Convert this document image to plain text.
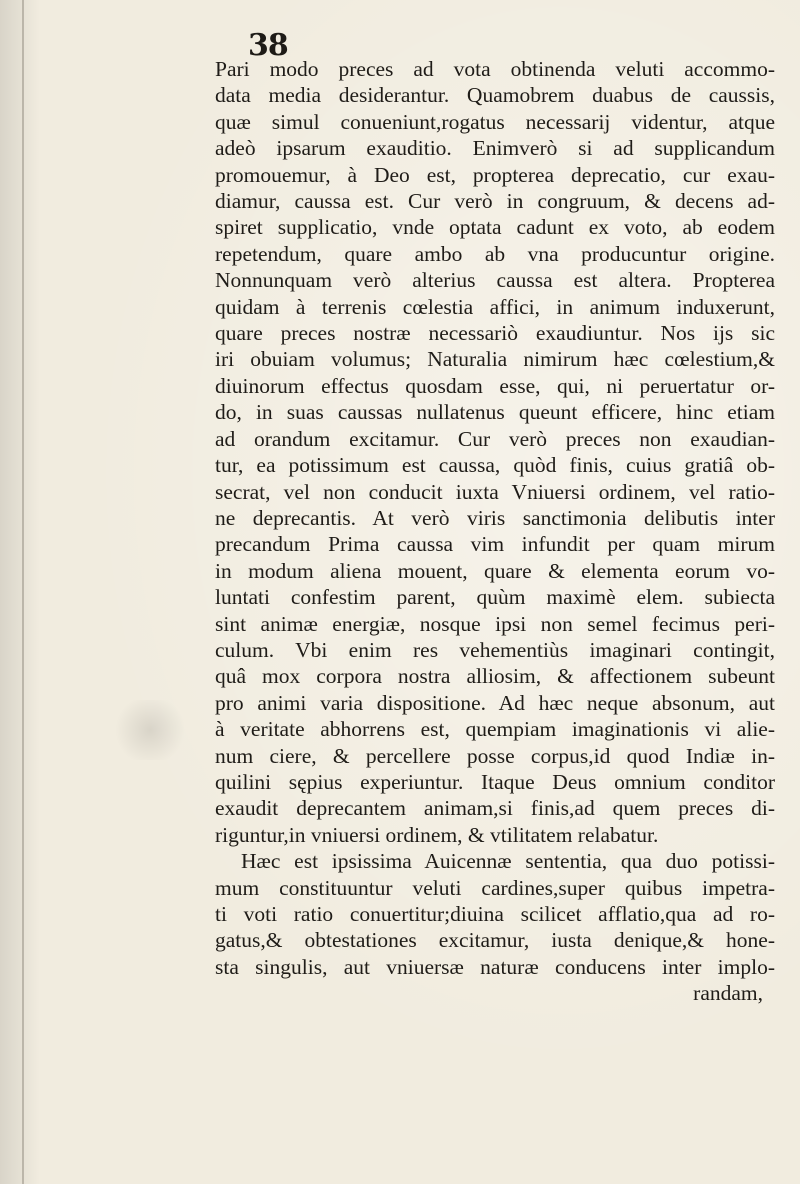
38
Pari modo preces ad vota obtinenda veluti accommo-
data media desiderantur. Quamobrem duabus de caussis,
quæ simul conueniunt,rogatus necessarij videntur, atque
adeò ipsarum exauditio. Enimverò si ad supplicandum
promouemur, à Deo est, propterea deprecatio, cur exau-
diamur, caussa est. Cur verò in congruum, & decens ad-
spiret supplicatio, vnde optata cadunt ex voto, ab eodem
repetendum, quare ambo ab vna producuntur origine.
Nonnunquam verò alterius caussa est altera. Propterea
quidam à terrenis cœlestia affici, in animum induxerunt,
quare preces nostræ necessariò exaudiuntur. Nos ijs sic
iri obuiam volumus; Naturalia nimirum hæc cœlestium,&
diuinorum effectus quosdam esse, qui, ni peruertatur or-
do, in suas caussas nullatenus queunt efficere, hinc etiam
ad orandum excitamur. Cur verò preces non exaudian-
tur, ea potissimum est caussa, quòd finis, cuius gratiâ ob-
secrat, vel non conducit iuxta Vniuersi ordinem, vel ratio-
ne deprecantis. At verò viris sanctimonia delibutis inter
precandum Prima caussa vim infundit per quam mirum
in modum aliena mouent, quare & elementa eorum vo-
luntati confestim parent, quùm maximè elem. subiecta
sint animæ energiæ, nosque ipsi non semel fecimus peri-
culum. Vbi enim res vehementiùs imaginari contingit,
quâ mox corpora nostra alliosim, & affectionem subeunt
pro animi varia dispositione. Ad hæc neque absonum, aut
à veritate abhorrens est, quempiam imaginationis vi alie-
num ciere, & percellere posse corpus,id quod Indiæ in-
quilini sępius experiuntur. Itaque Deus omnium conditor
exaudit deprecantem animam,si finis,ad quem preces di-
riguntur,in vniuersi ordinem, & vtilitatem relabatur.
Hæc est ipsissima Auicennæ sententia, qua duo potissi-
mum constituuntur veluti cardines,super quibus impetra-
ti voti ratio conuertitur;diuina scilicet afflatio,qua ad ro-
gatus,& obtestationes excitamur, iusta denique,& hone-
sta singulis, aut vniuersæ naturæ conducens inter implo-
randam,
